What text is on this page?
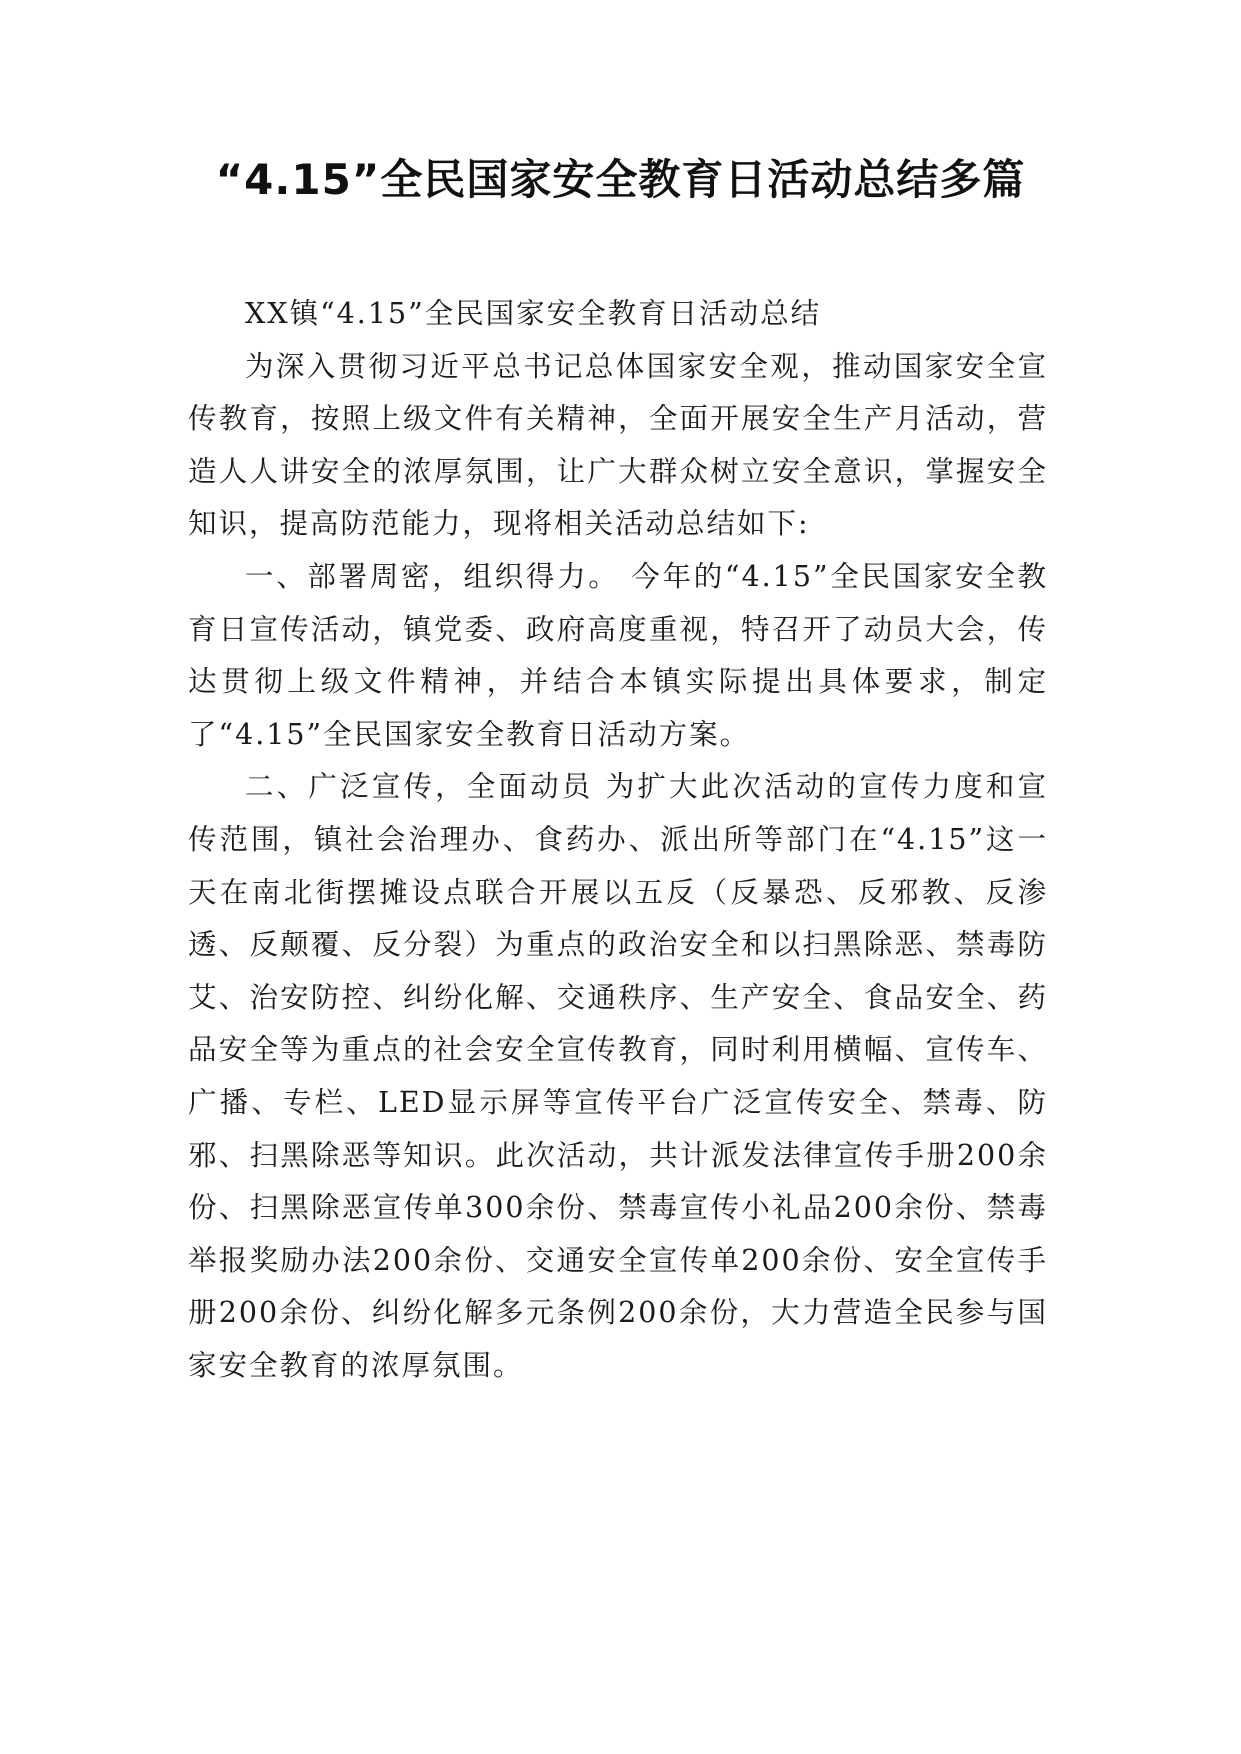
“4.15”全民国家安全教育日活动总结多篇

XX镇“4.15”全民国家安全教育日活动总结

为深入贯彻习近平总书记总体国家安全观，推动国家安全宣传教育，按照上级文件有关精神，全面开展安全生产月活动，营造人人讲安全的浓厚氛围，让广大群众树立安全意识，掌握安全知识，提高防范能力，现将相关活动总结如下:

一、部署周密，组织得力。 今年的“4.15”全民国家安全教育日宣传活动，镇党委、政府高度重视，特召开了动员大会，传达贯彻上级文件精神，并结合本镇实际提出具体要求，制定了“4.15”全民国家安全教育日活动方案。

二、广泛宣传，全面动员 为扩大此次活动的宣传力度和宣传范围，镇社会治理办、食药办、派出所等部门在“4.15”这一天在南北街摆摊设点联合开展以五反（反暴恐、反邪教、反渗透、反颠覆、反分裂）为重点的政治安全和以扫黑除恶、禁毒防艾、治安防控、纠纷化解、交通秩序、生产安全、食品安全、药品安全等为重点的社会安全宣传教育，同时利用横幅、宣传车、广播、专栏、LED显示屏等宣传平台广泛宣传安全、禁毒、防邪、扫黑除恶等知识。此次活动，共计派发法律宣传手册200余份、扫黑除恶宣传单300余份、禁毒宣传小礼品200余份、禁毒举报奖励办法200余份、交通安全宣传单200余份、安全宣传手册200余份、纠纷化解多元条例200余份，大力营造全民参与国家安全教育的浓厚氛围。
